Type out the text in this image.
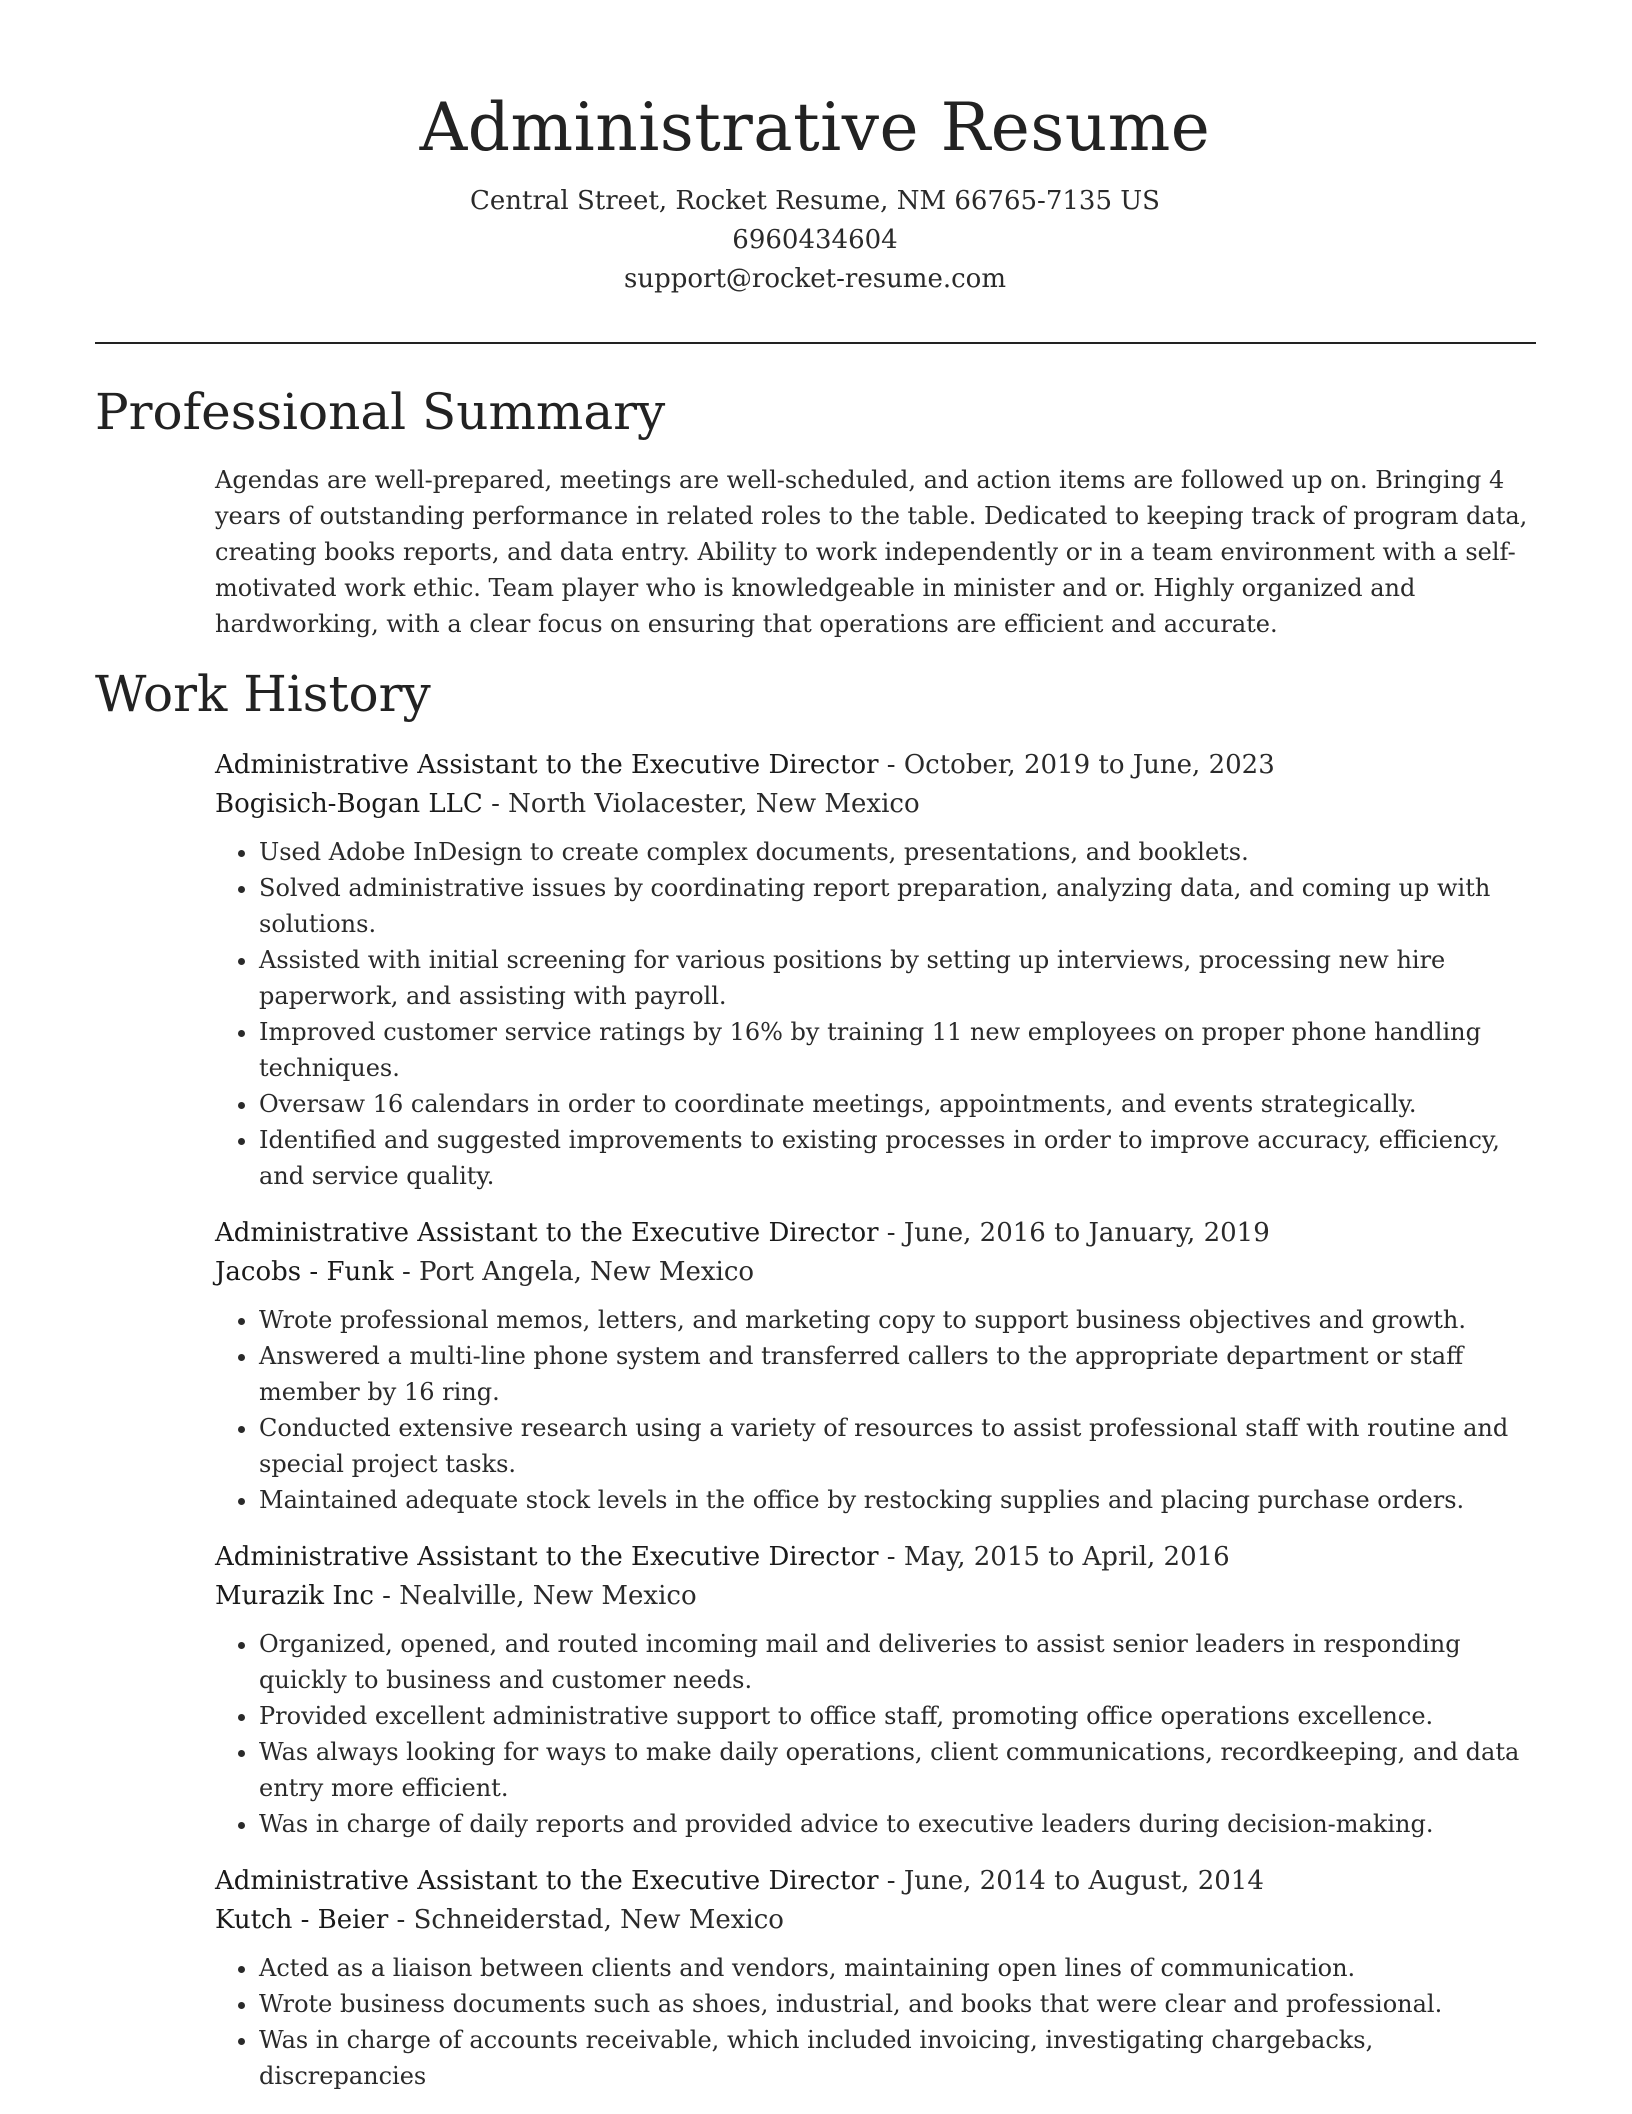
Administrative Resume
Central Street, Rocket Resume, NM 66765-7135 US
6960434604
support@rocket-resume.com
Professional Summary

Agendas are well-prepared, meetings are well-scheduled, and action items are followed up on. Bringing 4 years of outstanding performance in related roles to the table. Dedicated to keeping track of program data, creating books reports, and data entry. Ability to work independently or in a team environment with a self-motivated work ethic. Team player who is knowledgeable in minister and or. Highly organized and hardworking, with a clear focus on ensuring that operations are efficient and accurate.

Work History
Administrative Assistant to the Executive Director - October, 2019 to June, 2023
Bogisich-Bogan LLC - North Violacester, New Mexico
• Used Adobe InDesign to create complex documents, presentations, and booklets.
• Solved administrative issues by coordinating report preparation, analyzing data, and coming up with solutions.
• Assisted with initial screening for various positions by setting up interviews, processing new hire paperwork, and assisting with payroll.
• Improved customer service ratings by 16% by training 11 new employees on proper phone handling techniques.
• Oversaw 16 calendars in order to coordinate meetings, appointments, and events strategically.
• Identified and suggested improvements to existing processes in order to improve accuracy, efficiency, and service quality.
Administrative Assistant to the Executive Director - June, 2016 to January, 2019
Jacobs - Funk - Port Angela, New Mexico
• Wrote professional memos, letters, and marketing copy to support business objectives and growth.
• Answered a multi-line phone system and transferred callers to the appropriate department or staff member by 16 ring.
• Conducted extensive research using a variety of resources to assist professional staff with routine and special project tasks.
• Maintained adequate stock levels in the office by restocking supplies and placing purchase orders.
Administrative Assistant to the Executive Director - May, 2015 to April, 2016
Murazik Inc - Nealville, New Mexico
• Organized, opened, and routed incoming mail and deliveries to assist senior leaders in responding quickly to business and customer needs.
• Provided excellent administrative support to office staff, promoting office operations excellence.
• Was always looking for ways to make daily operations, client communications, recordkeeping, and data entry more efficient.
• Was in charge of daily reports and provided advice to executive leaders during decision-making.
Administrative Assistant to the Executive Director - June, 2014 to August, 2014
Kutch - Beier - Schneiderstad, New Mexico
• Acted as a liaison between clients and vendors, maintaining open lines of communication.
• Wrote business documents such as shoes, industrial, and books that were clear and professional.
• Was in charge of accounts receivable, which included invoicing, investigating chargebacks, discrepancies
